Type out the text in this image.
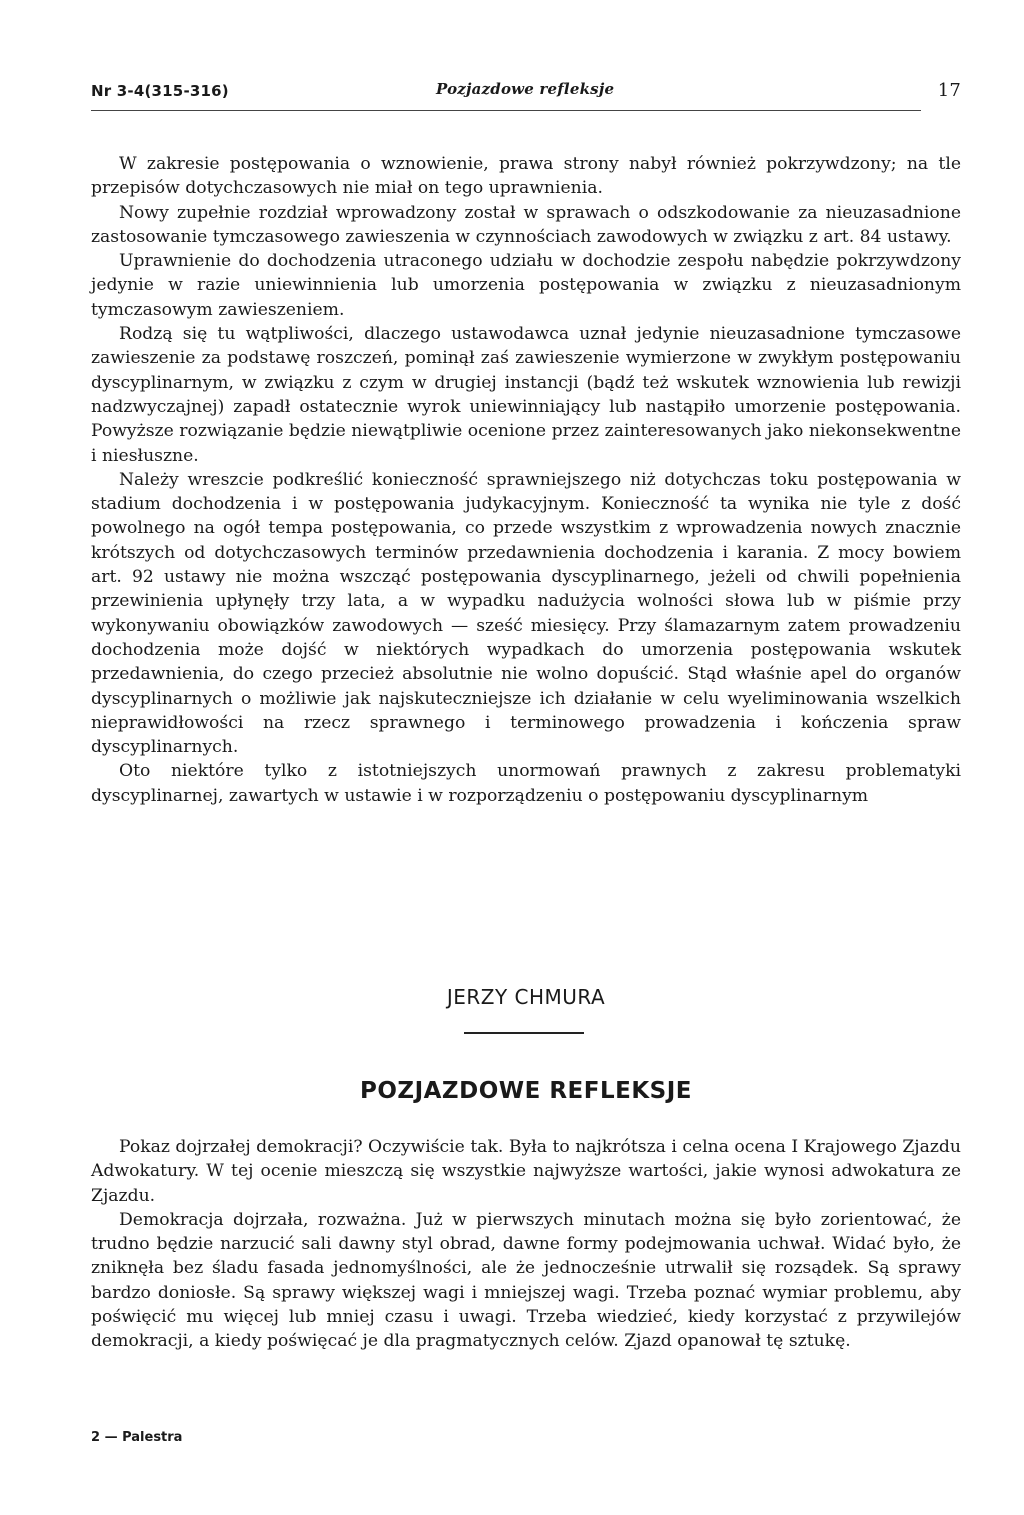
Nr 3-4(315-316)	Pozjazdowe refleksje	17

W zakresie postępowania o wznowienie, prawa strony nabył również pokrzywdzony; na tle przepisów dotychczasowych nie miał on tego uprawnienia.

Nowy zupełnie rozdział wprowadzony został w sprawach o odszkodowanie za nieuzasadnione zastosowanie tymczasowego zawieszenia w czynnościach zawodowych w związku z art. 84 ustawy.

Uprawnienie do dochodzenia utraconego udziału w dochodzie zespołu nabędzie pokrzywdzony jedynie w razie uniewinnienia lub umorzenia postępowania w związku z nieuzasadnionym tymczasowym zawieszeniem.

Rodzą się tu wątpliwości, dlaczego ustawodawca uznał jedynie nieuzasadnione tymczasowe zawieszenie za podstawę roszczeń, pominął zaś zawieszenie wymierzone w zwykłym postępowaniu dyscyplinarnym, w związku z czym w drugiej instancji (bądź też wskutek wznowienia lub rewizji nadzwyczajnej) zapadł ostatecznie wyrok uniewinniający lub nastąpiło umorzenie postępowania. Powyższe rozwiązanie będzie niewątpliwie ocenione przez zainteresowanych jako niekonsekwentne i niesłuszne.

Należy wreszcie podkreślić konieczność sprawniejszego niż dotychczas toku postępowania w stadium dochodzenia i w postępowania judykacyjnym. Konieczność ta wynika nie tyle z dość powolnego na ogół tempa postępowania, co przede wszystkim z wprowadzenia nowych znacznie krótszych od dotychczasowych terminów przedawnienia dochodzenia i karania. Z mocy bowiem art. 92 ustawy nie można wszcząć postępowania dyscyplinarnego, jeżeli od chwili popełnienia przewinienia upłynęły trzy lata, a w wypadku nadużycia wolności słowa lub w piśmie przy wykonywaniu obowiązków zawodowych — sześć miesięcy. Przy ślamazarnym zatem prowadzeniu dochodzenia może dojść w niektórych wypadkach do umorzenia postępowania wskutek przedawnienia, do czego przecież absolutnie nie wolno dopuścić. Stąd właśnie apel do organów dyscyplinarnych o możliwie jak najskuteczniejsze ich działanie w celu wyeliminowania wszelkich nieprawidłowości na rzecz sprawnego i terminowego prowadzenia i kończenia spraw dyscyplinarnych.

Oto niektóre tylko z istotniejszych unormowań prawnych z zakresu problematyki dyscyplinarnej, zawartych w ustawie i w rozporządzeniu o postępowaniu dyscyplinarnym

JERZY CHMURA
POZJAZDOWE REFLEKSJE

Pokaz dojrzałej demokracji? Oczywiście tak. Była to najkrótsza i celna ocena I Krajowego Zjazdu Adwokatury. W tej ocenie mieszczą się wszystkie najwyższe wartości, jakie wynosi adwokatura ze Zjazdu.

Demokracja dojrzała, rozważna. Już w pierwszych minutach można się było zorientować, że trudno będzie narzucić sali dawny styl obrad, dawne formy podejmowania uchwał. Widać było, że zniknęła bez śladu fasada jednomyślności, ale że jednocześnie utrwalił się rozsądek. Są sprawy bardzo doniosłe. Są sprawy większej wagi i mniejszej wagi. Trzeba poznać wymiar problemu, aby poświęcić mu więcej lub mniej czasu i uwagi. Trzeba wiedzieć, kiedy korzystać z przywilejów demokracji, a kiedy poświęcać je dla pragmatycznych celów. Zjazd opanował tę sztukę.

2 — Palestra
